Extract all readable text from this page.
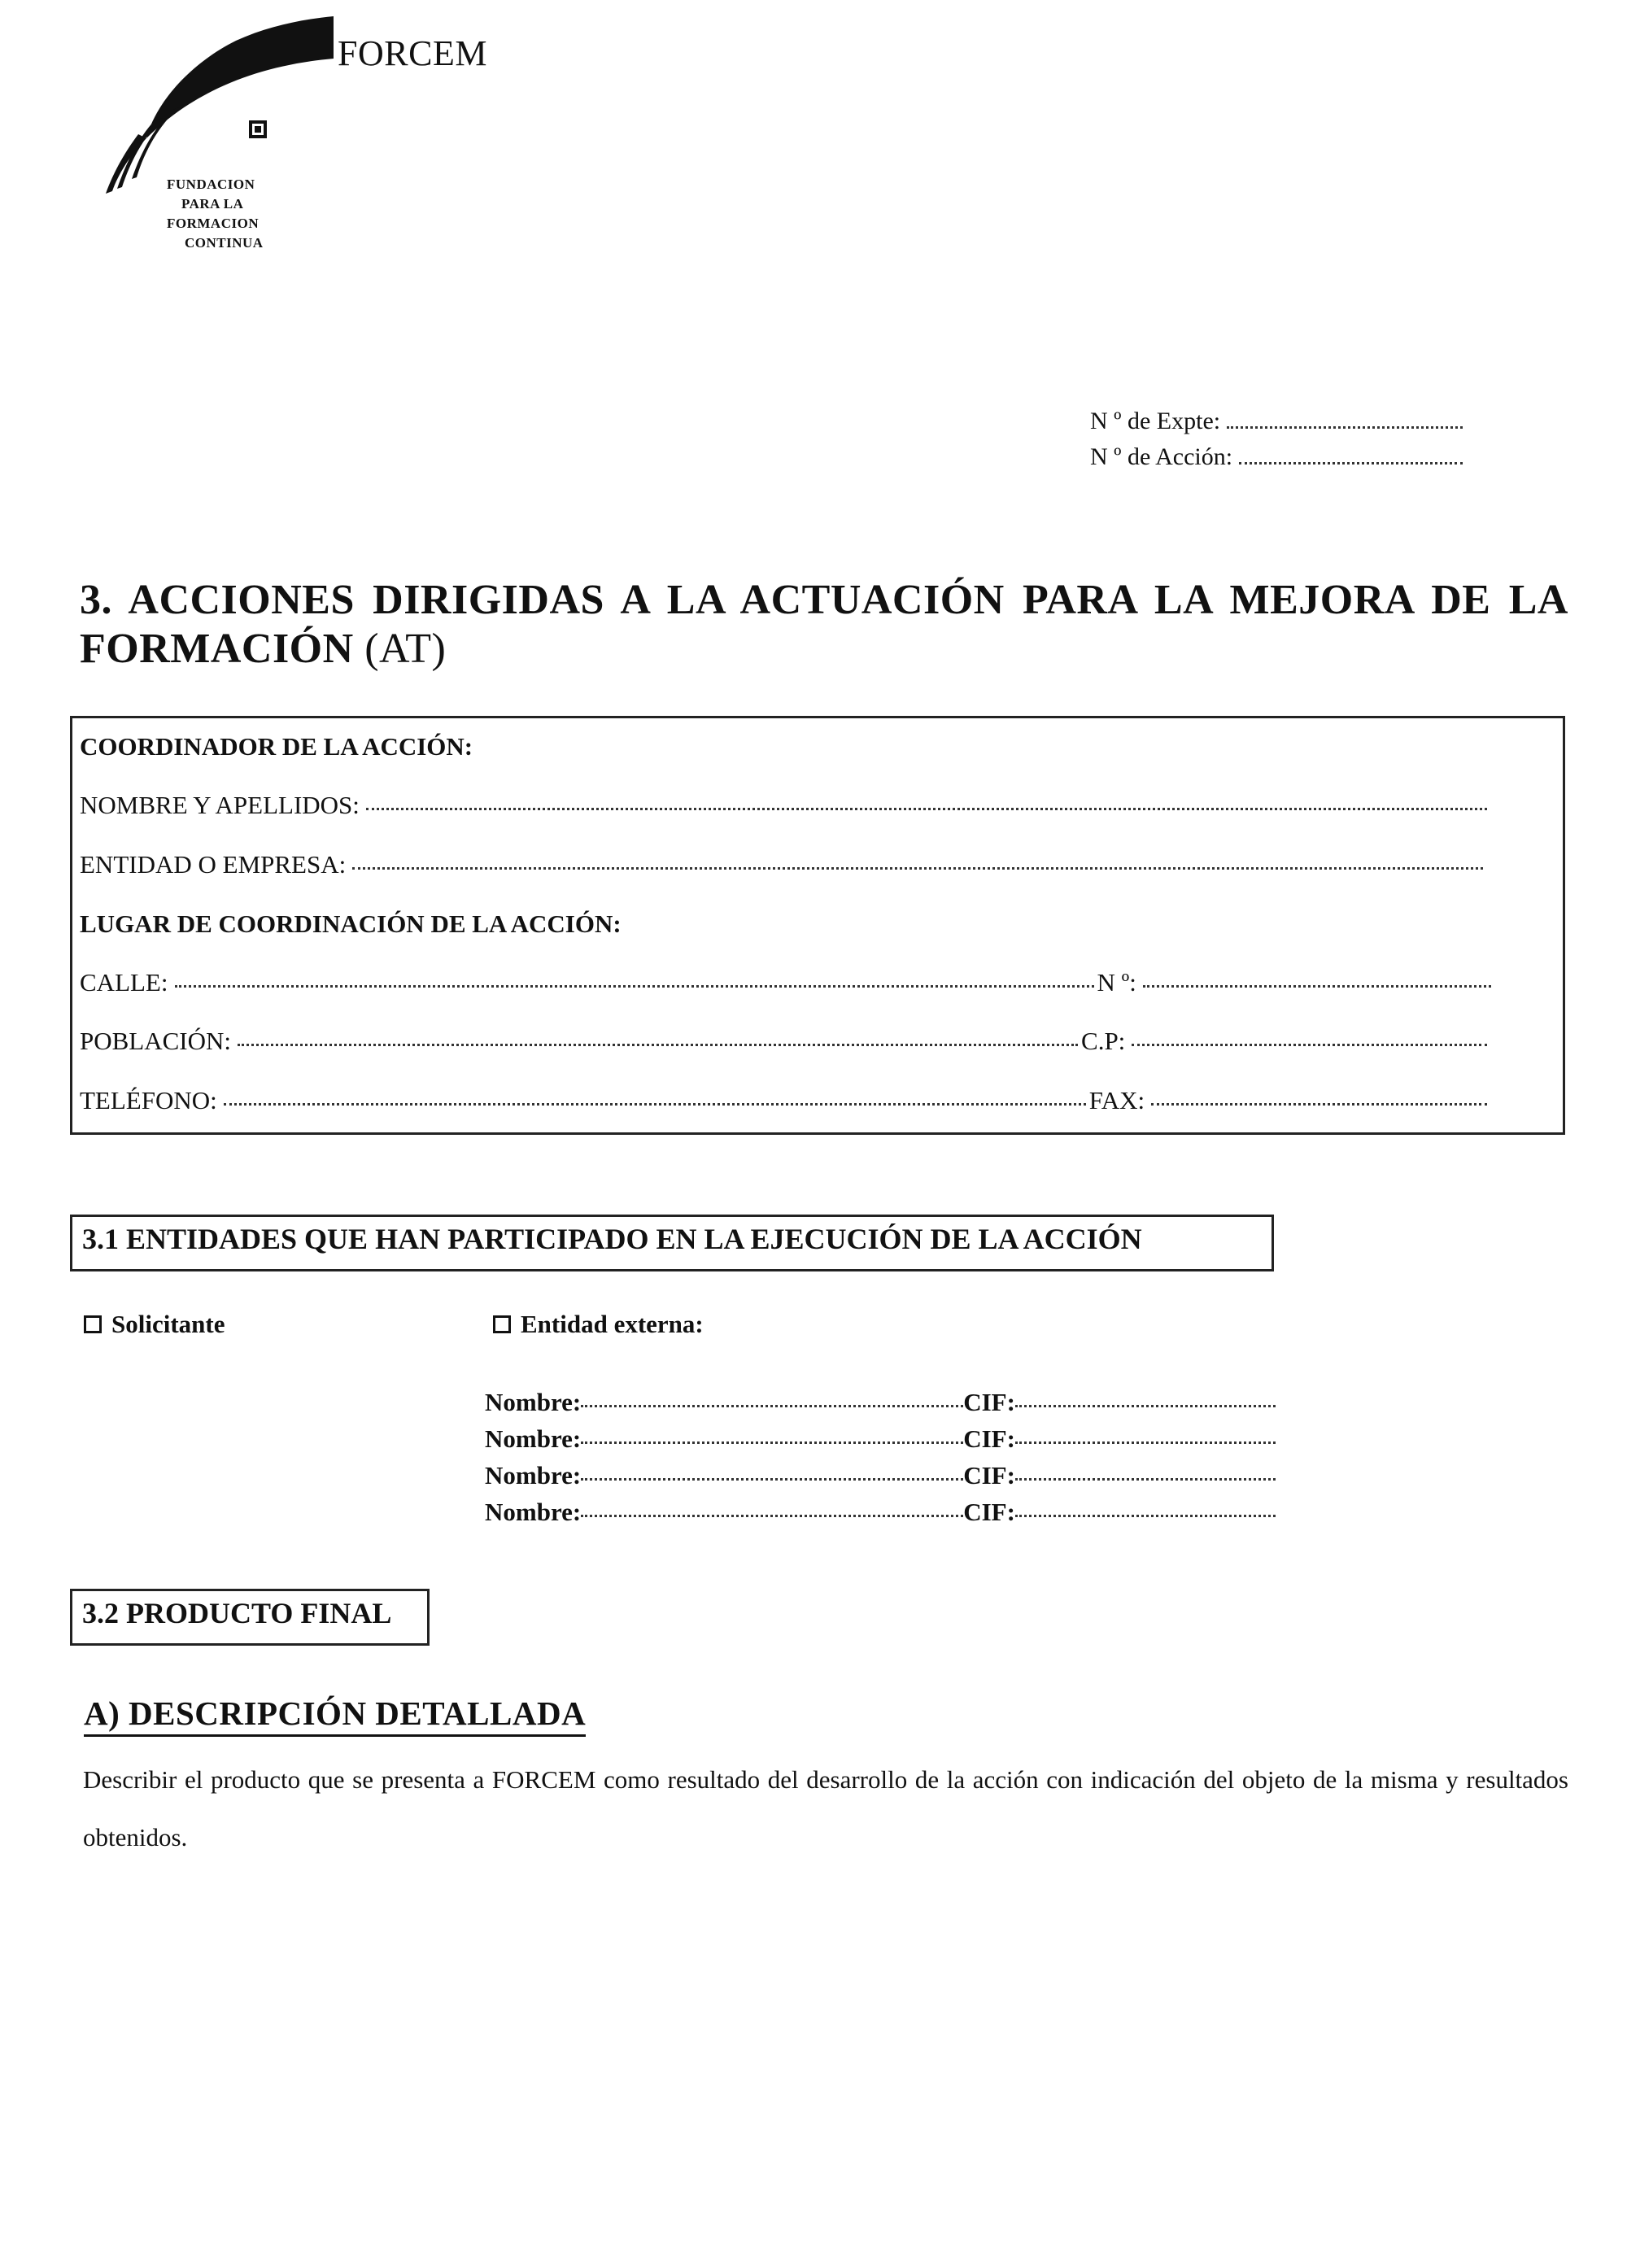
FORCEM
FUNDACION
PARA LA
FORMACION
CONTINUA
N º de Expte:
N º de Acción:
3. ACCIONES DIRIGIDAS A LA ACTUACIÓN PARA LA MEJORA DE LA FORMACIÓN (AT)
COORDINADOR DE LA ACCIÓN:
NOMBRE Y APELLIDOS:
ENTIDAD O EMPRESA:
LUGAR DE COORDINACIÓN DE LA ACCIÓN:
CALLE:	N º:
POBLACIÓN:	C.P:
TELÉFONO:	FAX:
3.1 ENTIDADES QUE HAN PARTICIPADO EN LA EJECUCIÓN DE LA ACCIÓN
Solicitante	Entidad externa:
Nombre:	CIF:
Nombre:	CIF:
Nombre:	CIF:
Nombre:	CIF:
3.2 PRODUCTO FINAL
A) DESCRIPCIÓN DETALLADA
Describir el producto que se presenta a FORCEM como resultado del desarrollo de la acción con indicación del objeto de la misma y resultados obtenidos.
